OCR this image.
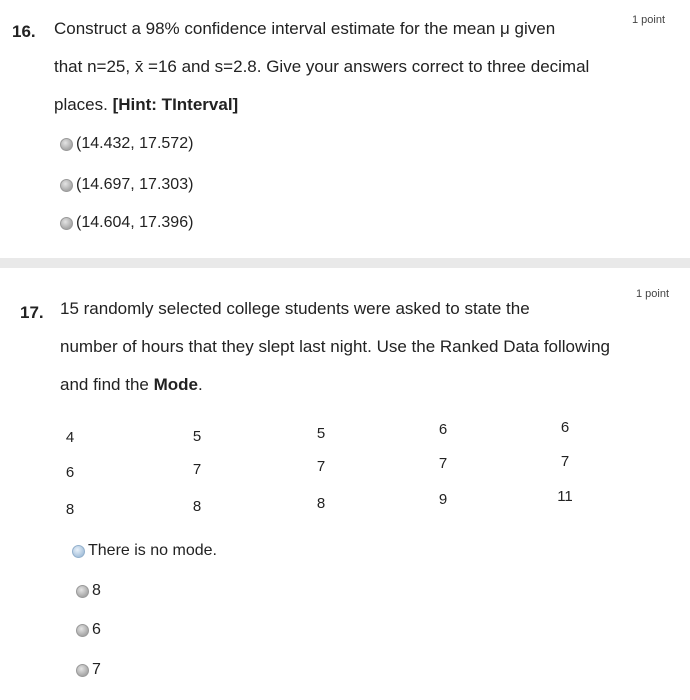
16.
1 point
Construct a 98% confidence interval estimate for the mean μ given
that n=25, x̄ =16 and s=2.8. Give your answers correct to three decimal
places. [Hint: TInterval]
(14.432, 17.572)
(14.697, 17.303)
(14.604, 17.396)
17.
1 point
15 randomly selected college students were asked to state the
number of hours that they slept last night. Use the Ranked Data following
and find the Mode.
4	5	5	6	6
6	7	7	7	7
8	8	8	9	11
There is no mode.
8
6
7
